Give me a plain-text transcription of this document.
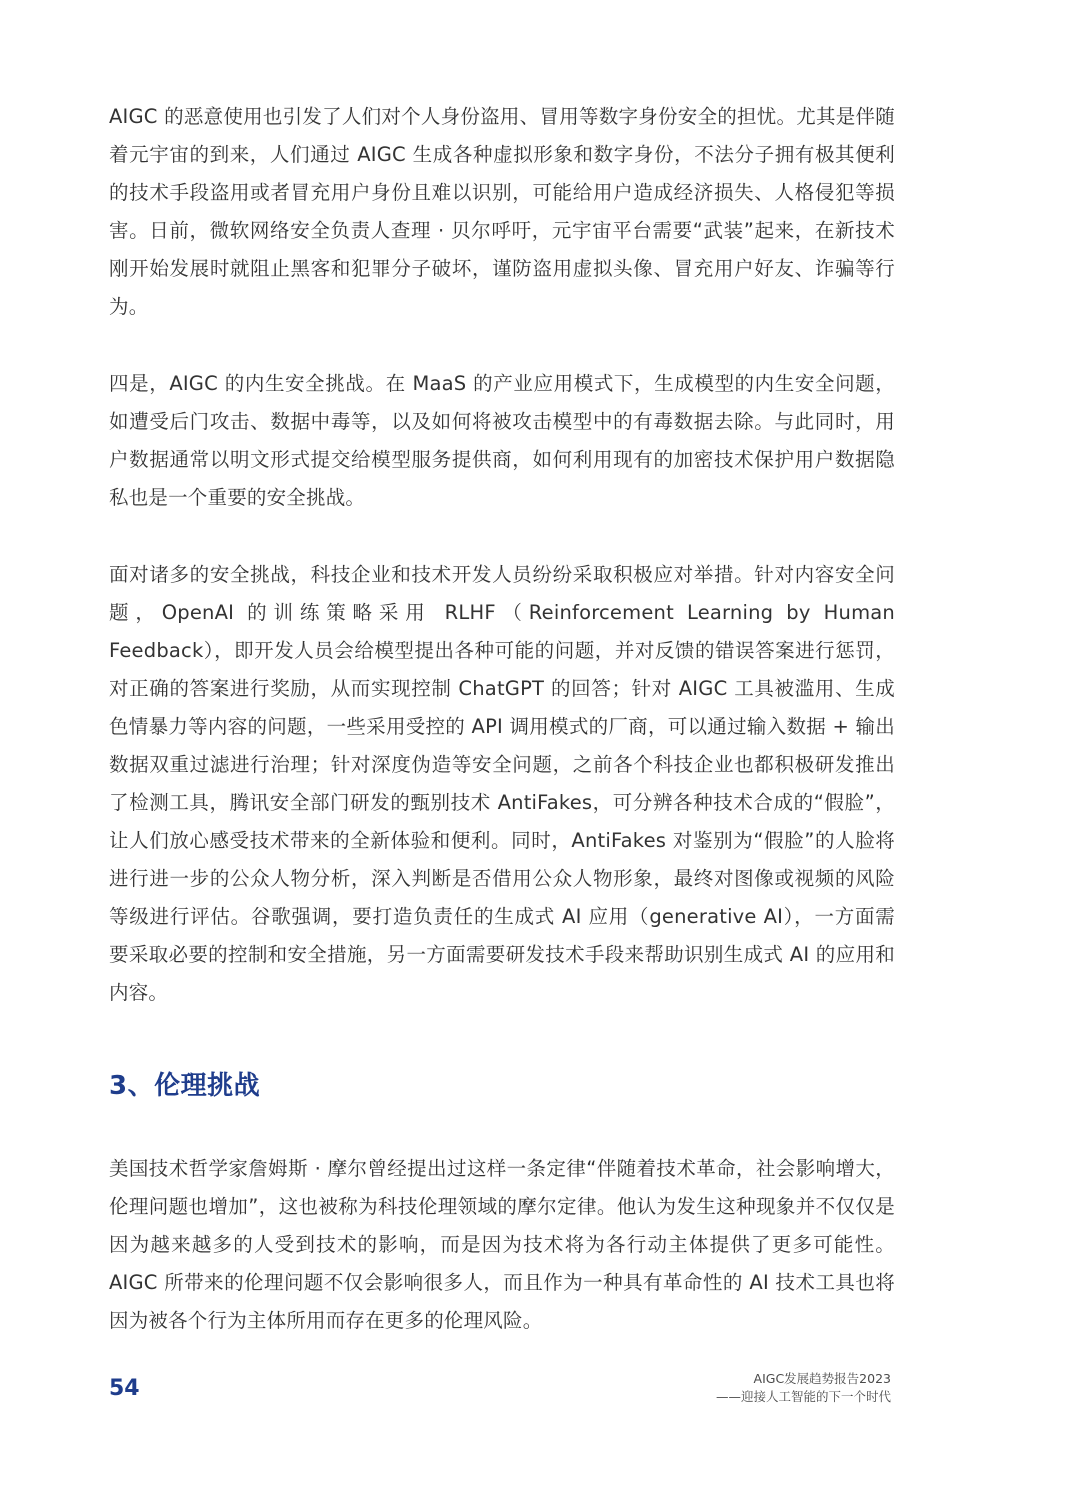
AIGC 的恶意使用也引发了人们对个人身份盗用、冒用等数字身份安全的担忧。尤其是伴随着元宇宙的到来，人们通过 AIGC 生成各种虚拟形象和数字身份，不法分子拥有极其便利的技术手段盗用或者冒充用户身份且难以识别，可能给用户造成经济损失、人格侵犯等损害。日前，微软网络安全负责人查理 · 贝尔呼吁，元宇宙平台需要“武装”起来，在新技术刚开始发展时就阻止黑客和犯罪分子破坏，谨防盗用虚拟头像、冒充用户好友、诈骗等行为。

四是，AIGC 的内生安全挑战。在 MaaS 的产业应用模式下，生成模型的内生安全问题，如遭受后门攻击、数据中毒等，以及如何将被攻击模型中的有毒数据去除。与此同时，用户数据通常以明文形式提交给模型服务提供商，如何利用现有的加密技术保护用户数据隐私也是一个重要的安全挑战。

面对诸多的安全挑战，科技企业和技术开发人员纷纷采取积极应对举措。针对内容安全问题，OpenAI 的训练策略采用 RLHF（Reinforcement Learning by Human Feedback），即开发人员会给模型提出各种可能的问题，并对反馈的错误答案进行惩罚，对正确的答案进行奖励，从而实现控制 ChatGPT 的回答；针对 AIGC 工具被滥用、生成色情暴力等内容的问题，一些采用受控的 API 调用模式的厂商，可以通过输入数据 + 输出数据双重过滤进行治理；针对深度伪造等安全问题，之前各个科技企业也都积极研发推出了检测工具，腾讯安全部门研发的甄别技术 AntiFakes，可分辨各种技术合成的“假脸”，让人们放心感受技术带来的全新体验和便利。同时，AntiFakes 对鉴别为“假脸”的人脸将进行进一步的公众人物分析，深入判断是否借用公众人物形象，最终对图像或视频的风险等级进行评估。谷歌强调，要打造负责任的生成式 AI 应用（generative AI），一方面需要采取必要的控制和安全措施，另一方面需要研发技术手段来帮助识别生成式 AI 的应用和内容。

3、伦理挑战

美国技术哲学家詹姆斯 · 摩尔曾经提出过这样一条定律“伴随着技术革命，社会影响增大，伦理问题也增加”，这也被称为科技伦理领域的摩尔定律。他认为发生这种现象并不仅仅是因为越来越多的人受到技术的影响，而是因为技术将为各行动主体提供了更多可能性。AIGC 所带来的伦理问题不仅会影响很多人，而且作为一种具有革命性的 AI 技术工具也将因为被各个行为主体所用而存在更多的伦理风险。

54	AIGC发展趋势报告2023
——迎接人工智能的下一个时代
